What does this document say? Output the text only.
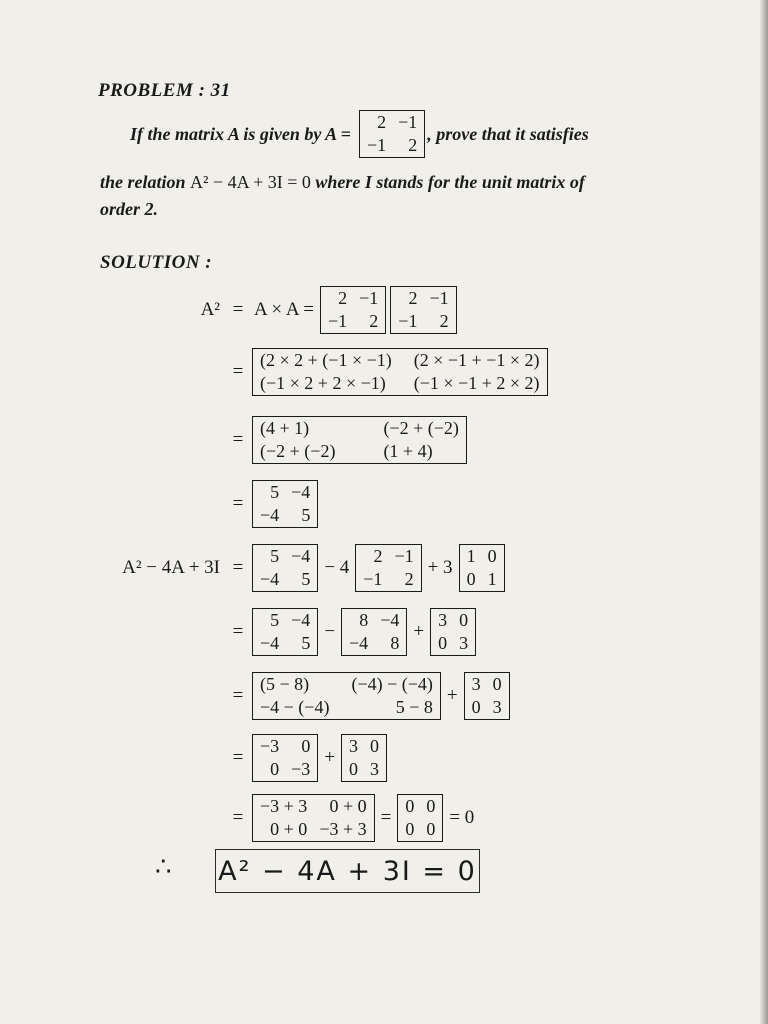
PROBLEM : 31
If the matrix A is given by A =
2 −1
−1	2
, prove that it satisfies
the relation A² − 4A + 3I = 0 where I stands for the unit matrix of
order 2.
SOLUTION :
A² = A × A =
2 −1
−1	2
2 −1
−1	2
=
(2 × 2 + (−1 × −1) (2 × −1 + −1 × 2)
(−1 × 2 + 2 × −1)	(−1 × −1 + 2 × 2)
=
(4 + 1)	(−2 + (−2)
(−2 + (−2)	(1 + 4)
=
5 −4
−4	5
A² − 4A + 3I =
5 −4
−4	5
− 4
2 −1
−1	2
+ 3
1 0
0 1
=
5 −4
−4	5
−
8 −4
−4	8
+
3 0
0 3
=
(5 − 8)	(−4) − (−4)
−4 − (−4)	5 − 8
+
3 0
0 3
=
−3	0
0 −3
+
3 0
0 3
=
−3 + 3	0 + 0
0 + 0 −3 + 3
=
0 0
0 0
= 0
∴ A² − 4A + 3I = 0
